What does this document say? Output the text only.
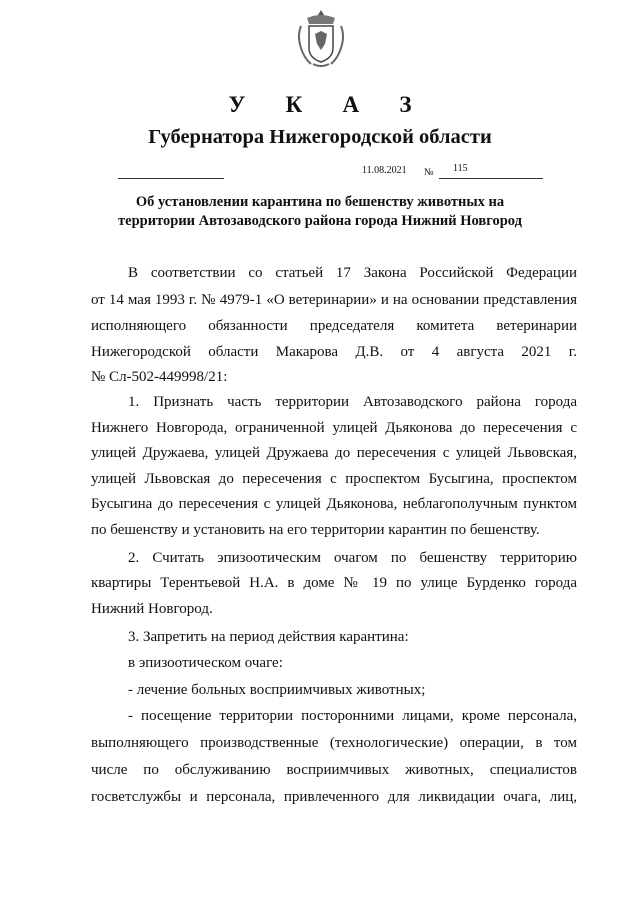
У К А З
Губернатора Нижегородской области
11.08.2021 № 115
Об установлении карантина по бешенству животных на
территории Автозаводского района города Нижний Новгород
В соответствии со статьей 17 Закона Российской Федерации
от 14 мая 1993 г. № 4979-1 «О ветеринарии» и на основании представления
исполняющего обязанности председателя комитета ветеринарии
Нижегородской области Макарова Д.В. от 4 августа 2021 г.
№ Сл-502-449998/21:
1. Признать часть территории Автозаводского района города
Нижнего Новгорода, ограниченной улицей Дьяконова до пересечения с
улицей Дружаева, улицей Дружаева до пересечения с улицей Львовская,
улицей Львовская до пересечения с проспектом Бусыгина, проспектом
Бусыгина до пересечения с улицей Дьяконова, неблагополучным пунктом
по бешенству и установить на его территории карантин по бешенству.
2. Считать эпизоотическим очагом по бешенству территорию
квартиры Терентьевой Н.А. в доме № 19 по улице Бурденко города
Нижний Новгород.
3. Запретить на период действия карантина:
в эпизоотическом очаге:
- лечение больных восприимчивых животных;
- посещение территории посторонними лицами, кроме персонала,
выполняющего производственные (технологические) операции, в том
числе по обслуживанию восприимчивых животных, специалистов
госветслужбы и персонала, привлеченного для ликвидации очага, лиц,
